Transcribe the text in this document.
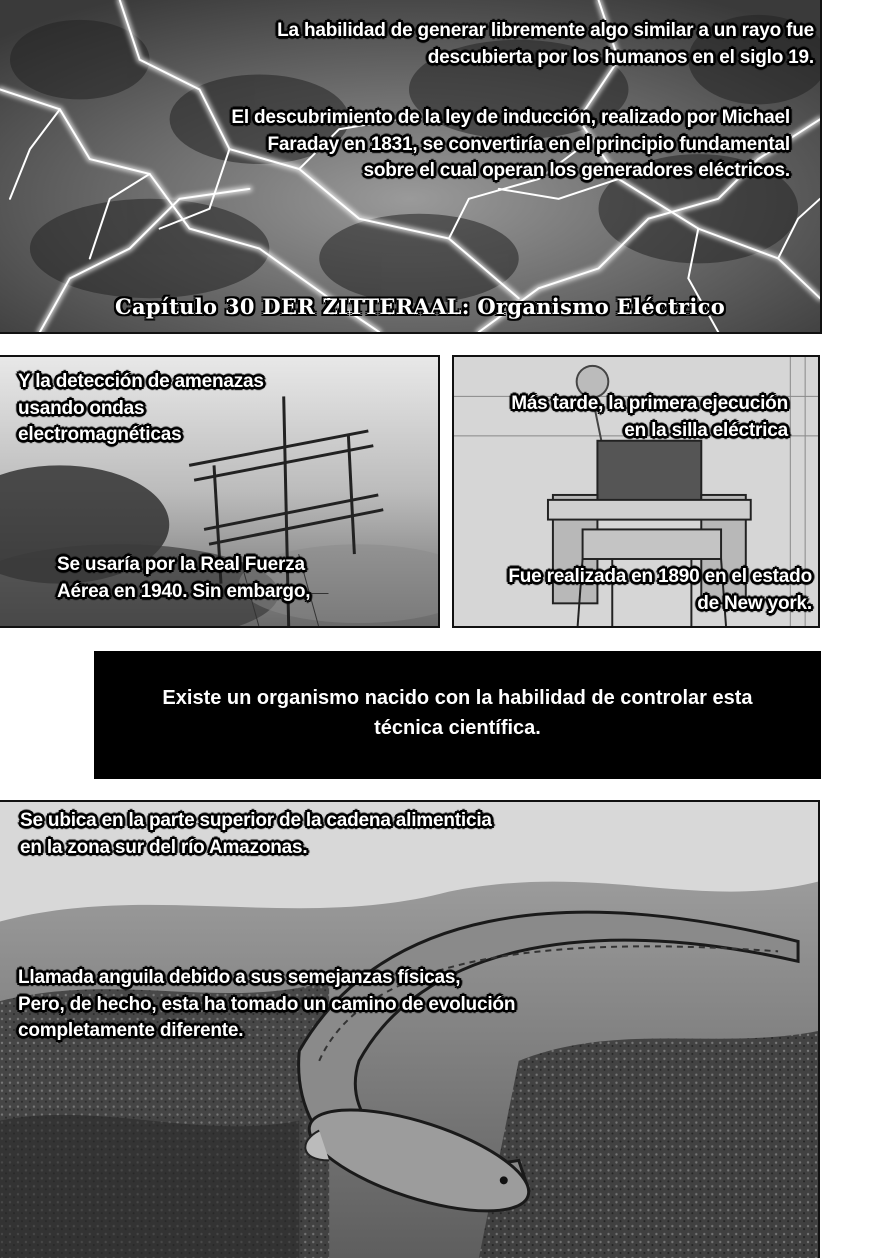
La habilidad de generar libremente algo similar a un rayo fue
descubierta por los humanos en el siglo 19.
El descubrimiento de la ley de inducción, realizado por Michael
Faraday en 1831, se convertiría en el principio fundamental
sobre el cual operan los generadores eléctricos.
Capítulo 30 DER ZITTERAAL: Organismo Eléctrico
Y la detección de amenazas
usando ondas
electromagnéticas
Se usaría por la Real Fuerza
Aérea en 1940. Sin embargo,
Más tarde, la primera ejecución
en la silla eléctrica
Fue realizada en 1890 en el estado
de New york.
Existe un organismo nacido con la habilidad de controlar esta
técnica científica.
Se ubica en la parte superior de la cadena alimenticia
en la zona sur del río Amazonas.
Llamada anguila debido a sus semejanzas físicas,
Pero, de hecho, esta ha tomado un camino de evolución
completamente diferente.
